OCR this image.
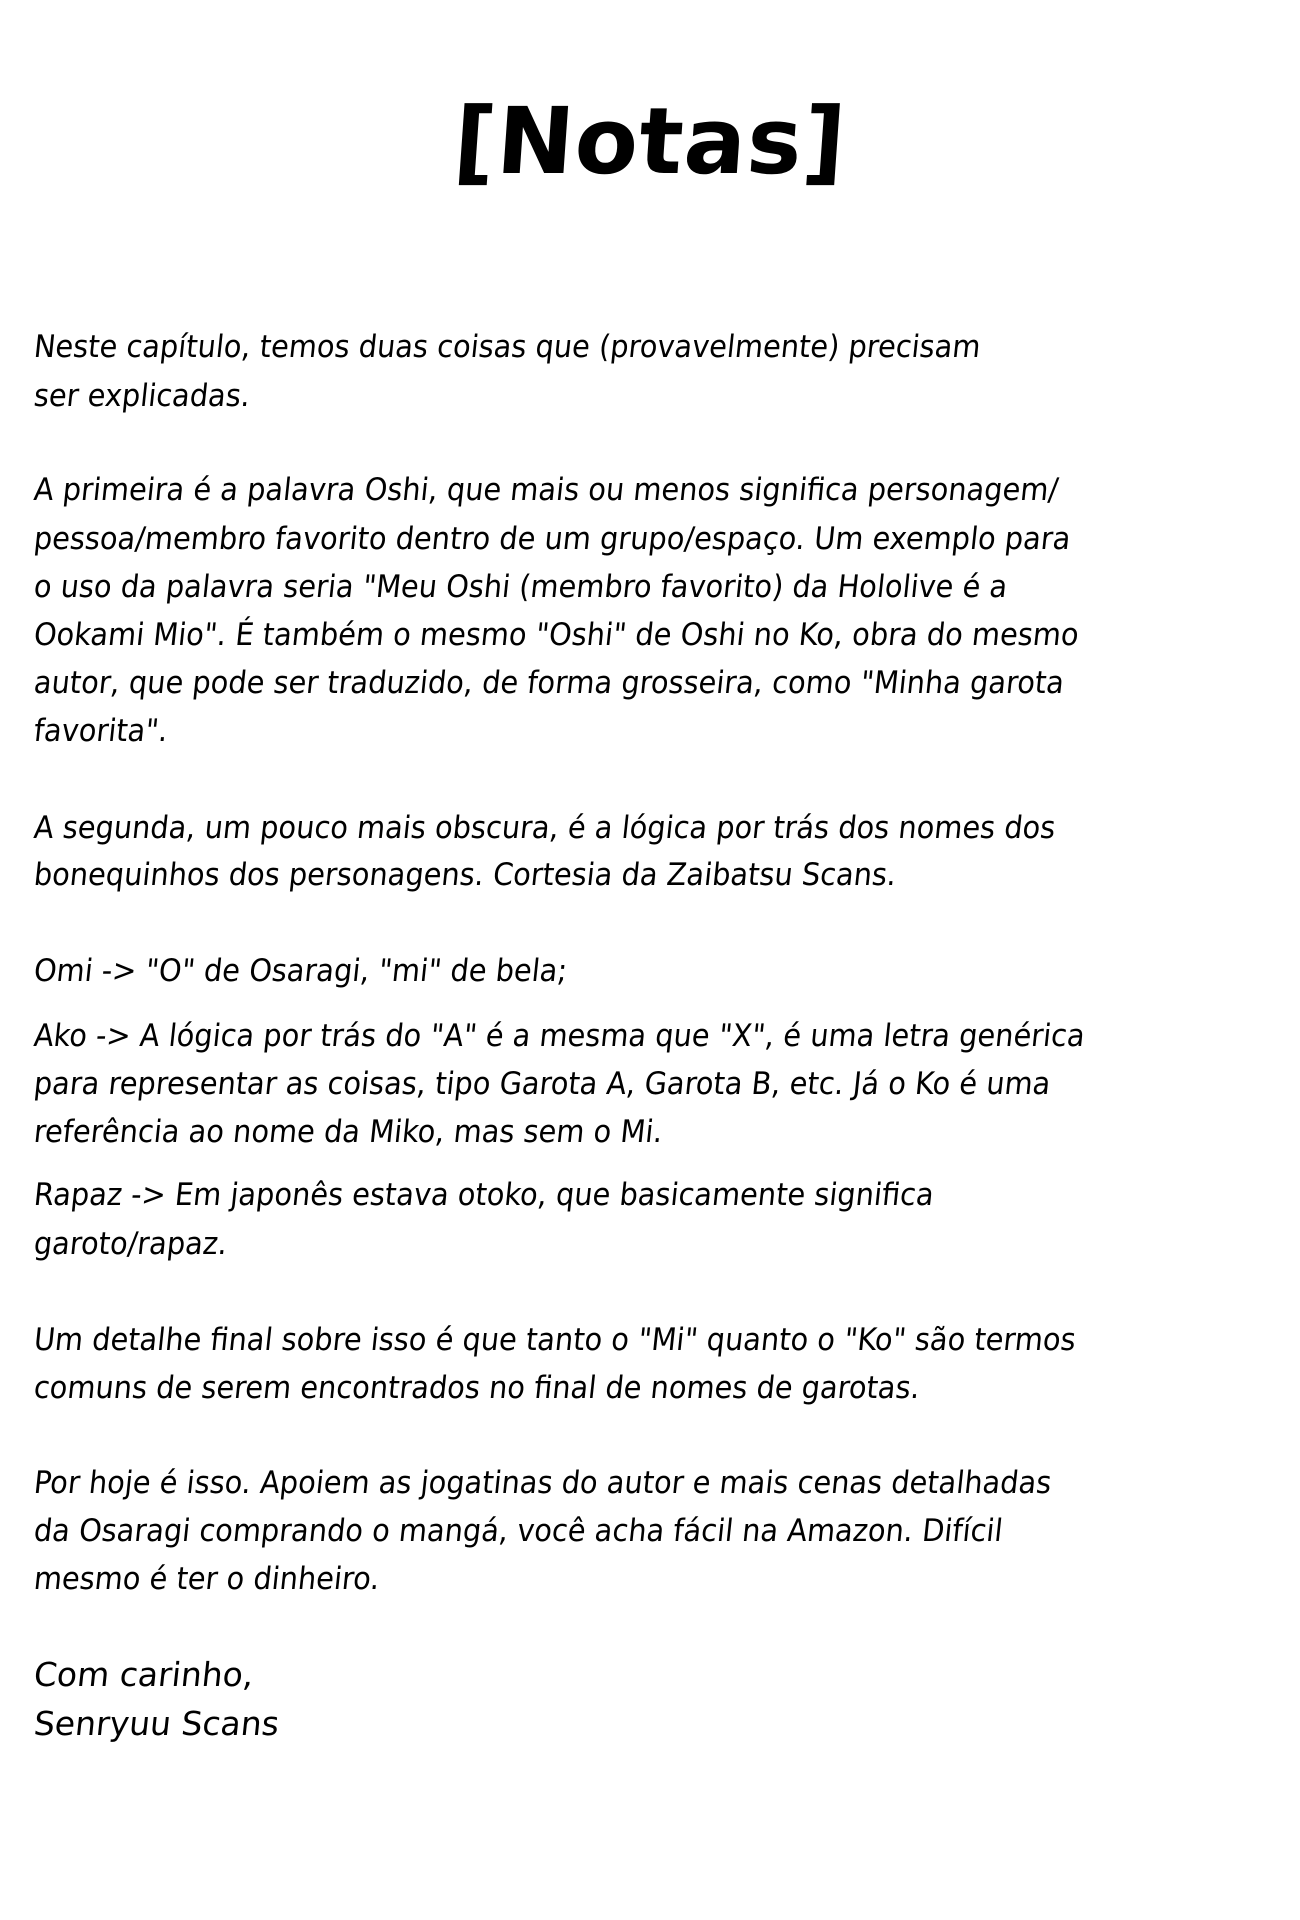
[Notas]
Neste capítulo, temos duas coisas que (provavelmente) precisam
ser explicadas.
A primeira é a palavra Oshi, que mais ou menos significa personagem/
pessoa/membro favorito dentro de um grupo/espaço. Um exemplo para
o uso da palavra seria "Meu Oshi (membro favorito) da Hololive é a
Ookami Mio". É também o mesmo "Oshi" de Oshi no Ko, obra do mesmo
autor, que pode ser traduzido, de forma grosseira, como "Minha garota
favorita".
A segunda, um pouco mais obscura, é a lógica por trás dos nomes dos
bonequinhos dos personagens. Cortesia da Zaibatsu Scans.
Omi -> "O" de Osaragi, "mi" de bela;
Ako -> A lógica por trás do "A" é a mesma que "X", é uma letra genérica
para representar as coisas, tipo Garota A, Garota B, etc. Já o Ko é uma
referência ao nome da Miko, mas sem o Mi.
Rapaz -> Em japonês estava otoko, que basicamente significa
garoto/rapaz.
Um detalhe final sobre isso é que tanto o "Mi" quanto o "Ko" são termos
comuns de serem encontrados no final de nomes de garotas.
Por hoje é isso. Apoiem as jogatinas do autor e mais cenas detalhadas
da Osaragi comprando o mangá, você acha fácil na Amazon. Difícil
mesmo é ter o dinheiro.
Com carinho,
Senryuu Scans
